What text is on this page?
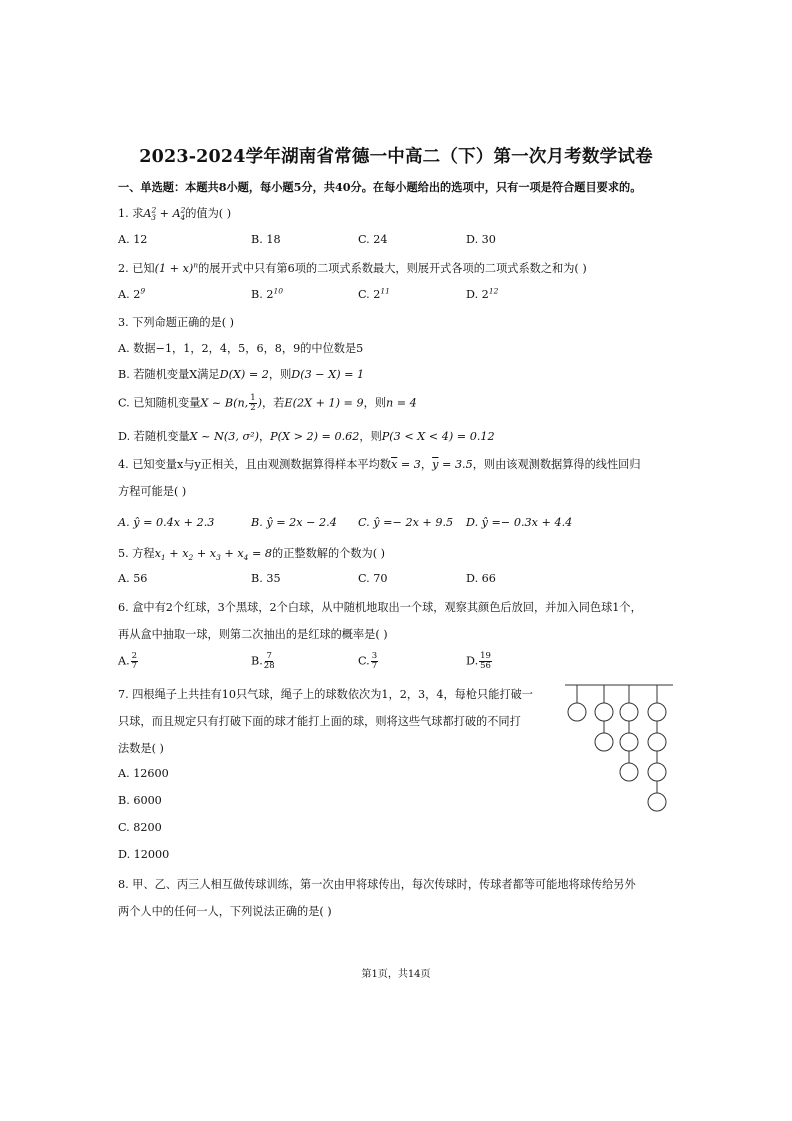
2023-2024学年湖南省常德一中高二（下）第一次月考数学试卷
一、单选题：本题共8小题，每小题5分，共40分。在每小题给出的选项中，只有一项是符合题目要求的。
1. 求$A^2_3 + A^2_4$的值为( )
A. 12	B. 18	C. 24	D. 30
2. 已知$(1 + x)^n$的展开式中只有第6项的二项式系数最大，则展开式各项的二项式系数之和为( )
A. $2^9$	B. $2^{10}$	C. $2^{11}$	D. $2^{12}$
3. 下列命题正确的是( )
A. 数据−1，1，2，4，5，6，8，9的中位数是5
B. 若随机变量X满足D(X) = 2，则D(3 − X) = 1
C. 已知随机变量X ~ B(n, $\frac{1}{2}$ )，若E(2X + 1) = 9，则n = 4
D. 若随机变量X ~ N(3, σ²)，P(X > 2) = 0.62，则P(3 < X < 4) = 0.12
4. 已知变量x与y正相关，且由观测数据算得样本平均数$\overline{x} = 3$，$\overline{y} = 3.5$，则由该观测数据算得的线性回归
方程可能是( )
A. ŷ = 0.4x + 2.3	B. ŷ = 2x − 2.4 C. ŷ =− 2x + 9.5 D. ŷ =− 0.3x + 4.4
5. 方程$x_1 + x_2 + x_3 + x_4 = 8$的正整数解的个数为( )
A. 56	B. 35	C. 70	D. 66
6. 盒中有2个红球，3个黑球，2个白球，从中随机地取出一个球，观察其颜色后放回，并加入同色球1个，
再从盒中抽取一球，则第二次抽出的是红球的概率是( )
A. $\frac{2}{7}$	B. $\frac{7}{28}$	C. $\frac{3}{7}$	D. $\frac{19}{56}$
7. 四根绳子上共挂有10只气球，绳子上的球数依次为1，2，3，4，每枪只能打破一
只球，而且规定只有打破下面的球才能打上面的球，则将这些气球都打破的不同打
法数是( )
A. 12600
B. 6000
C. 8200
D. 12000
8. 甲、乙、丙三人相互做传球训练，第一次由甲将球传出，每次传球时，传球者都等可能地将球传给另外
两个人中的任何一人，下列说法正确的是( )
第1页，共14页
